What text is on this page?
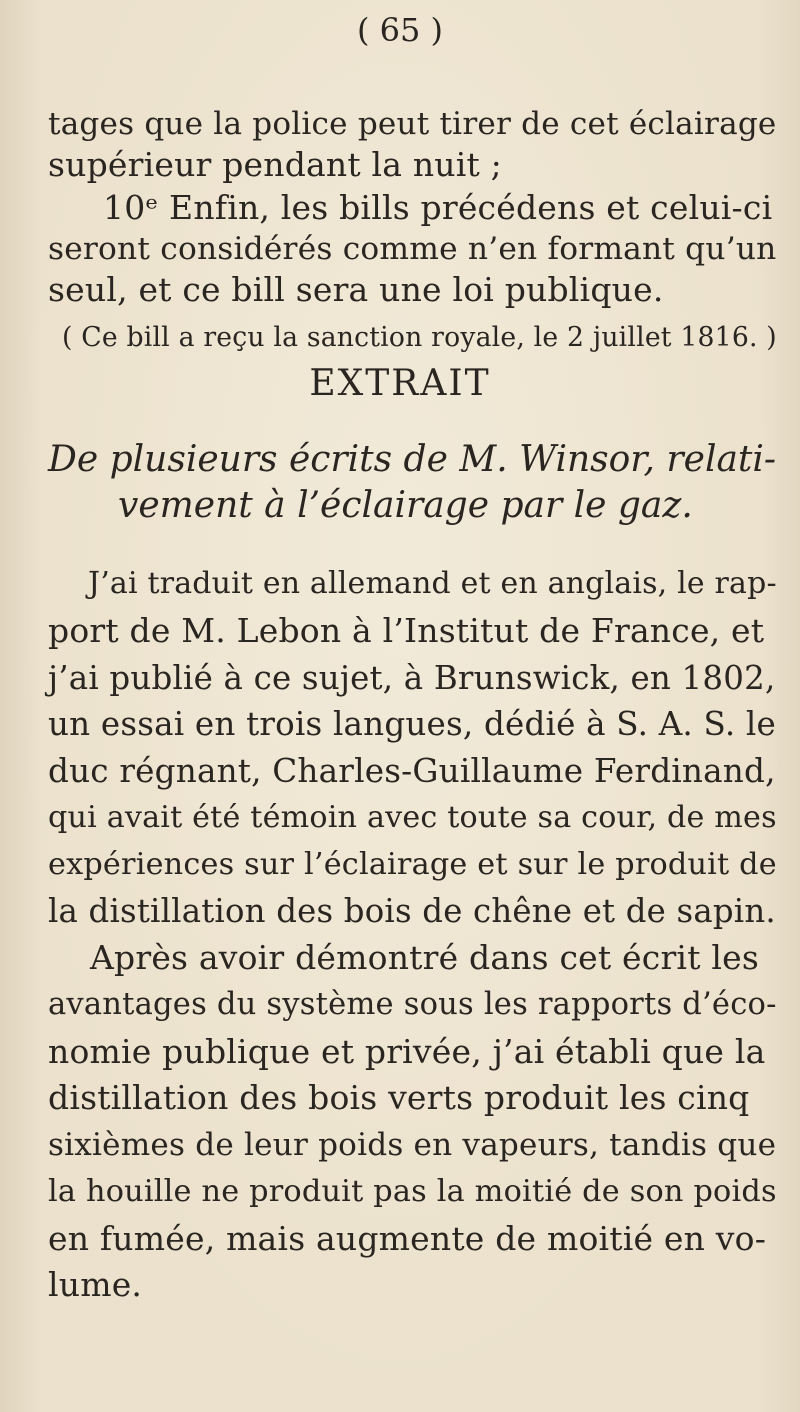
( 65 )
tages que la police peut tirer de cet éclairage
supérieur pendant la nuit ;
10ᵉ Enfin, les bills précédens et celui-ci
seront considérés comme n’en formant qu’un
seul, et ce bill sera une loi publique.
( Ce bill a reçu la sanction royale, le 2 juillet 1816. )
EXTRAIT
De plusieurs écrits de M. Winsor, relati-
vement à l’éclairage par le gaz.
J’ai traduit en allemand et en anglais, le rap-
port de M. Lebon à l’Institut de France, et
j’ai publié à ce sujet, à Brunswick, en 1802,
un essai en trois langues, dédié à S. A. S. le
duc régnant, Charles-Guillaume Ferdinand,
qui avait été témoin avec toute sa cour, de mes
expériences sur l’éclairage et sur le produit de
la distillation des bois de chêne et de sapin.
Après avoir démontré dans cet écrit les
avantages du système sous les rapports d’éco-
nomie publique et privée, j’ai établi que la
distillation des bois verts produit les cinq
sixièmes de leur poids en vapeurs, tandis que
la houille ne produit pas la moitié de son poids
en fumée, mais augmente de moitié en vo-
lume.
